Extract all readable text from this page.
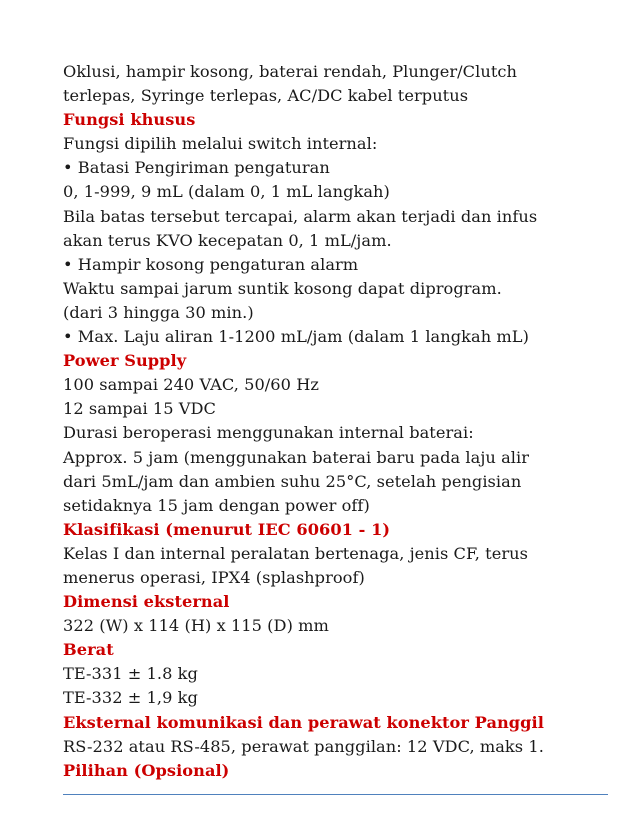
Oklusi, hampir kosong, baterai rendah, Plunger/Clutch

terlepas, Syringe terlepas, AC/DC kabel terputus

Fungsi khusus

Fungsi dipilih melalui switch internal:

• Batasi Pengiriman pengaturan

0, 1-999, 9 mL (dalam 0, 1 mL langkah)

Bila batas tersebut tercapai, alarm akan terjadi dan infus

akan terus KVO kecepatan 0, 1 mL/jam.

• Hampir kosong pengaturan alarm

Waktu sampai jarum suntik kosong dapat diprogram.

(dari 3 hingga 30 min.)

• Max. Laju aliran 1-1200 mL/jam (dalam 1 langkah mL)

Power Supply

100 sampai 240 VAC, 50/60 Hz

12 sampai 15 VDC

Durasi beroperasi menggunakan internal baterai:

Approx. 5 jam (menggunakan baterai baru pada laju alir

dari 5mL/jam dan ambien suhu 25°C, setelah pengisian

setidaknya 15 jam dengan power off)

Klasifikasi (menurut IEC 60601 - 1)

Kelas I dan internal peralatan bertenaga, jenis CF, terus

menerus operasi, IPX4 (splashproof)

Dimensi eksternal

322 (W) x 114 (H) x 115 (D) mm

Berat

TE-331 ± 1.8 kg

TE-332 ± 1,9 kg

Eksternal komunikasi dan perawat konektor Panggil

RS-232 atau RS-485, perawat panggilan: 12 VDC, maks 1.

Pilihan (Opsional)
